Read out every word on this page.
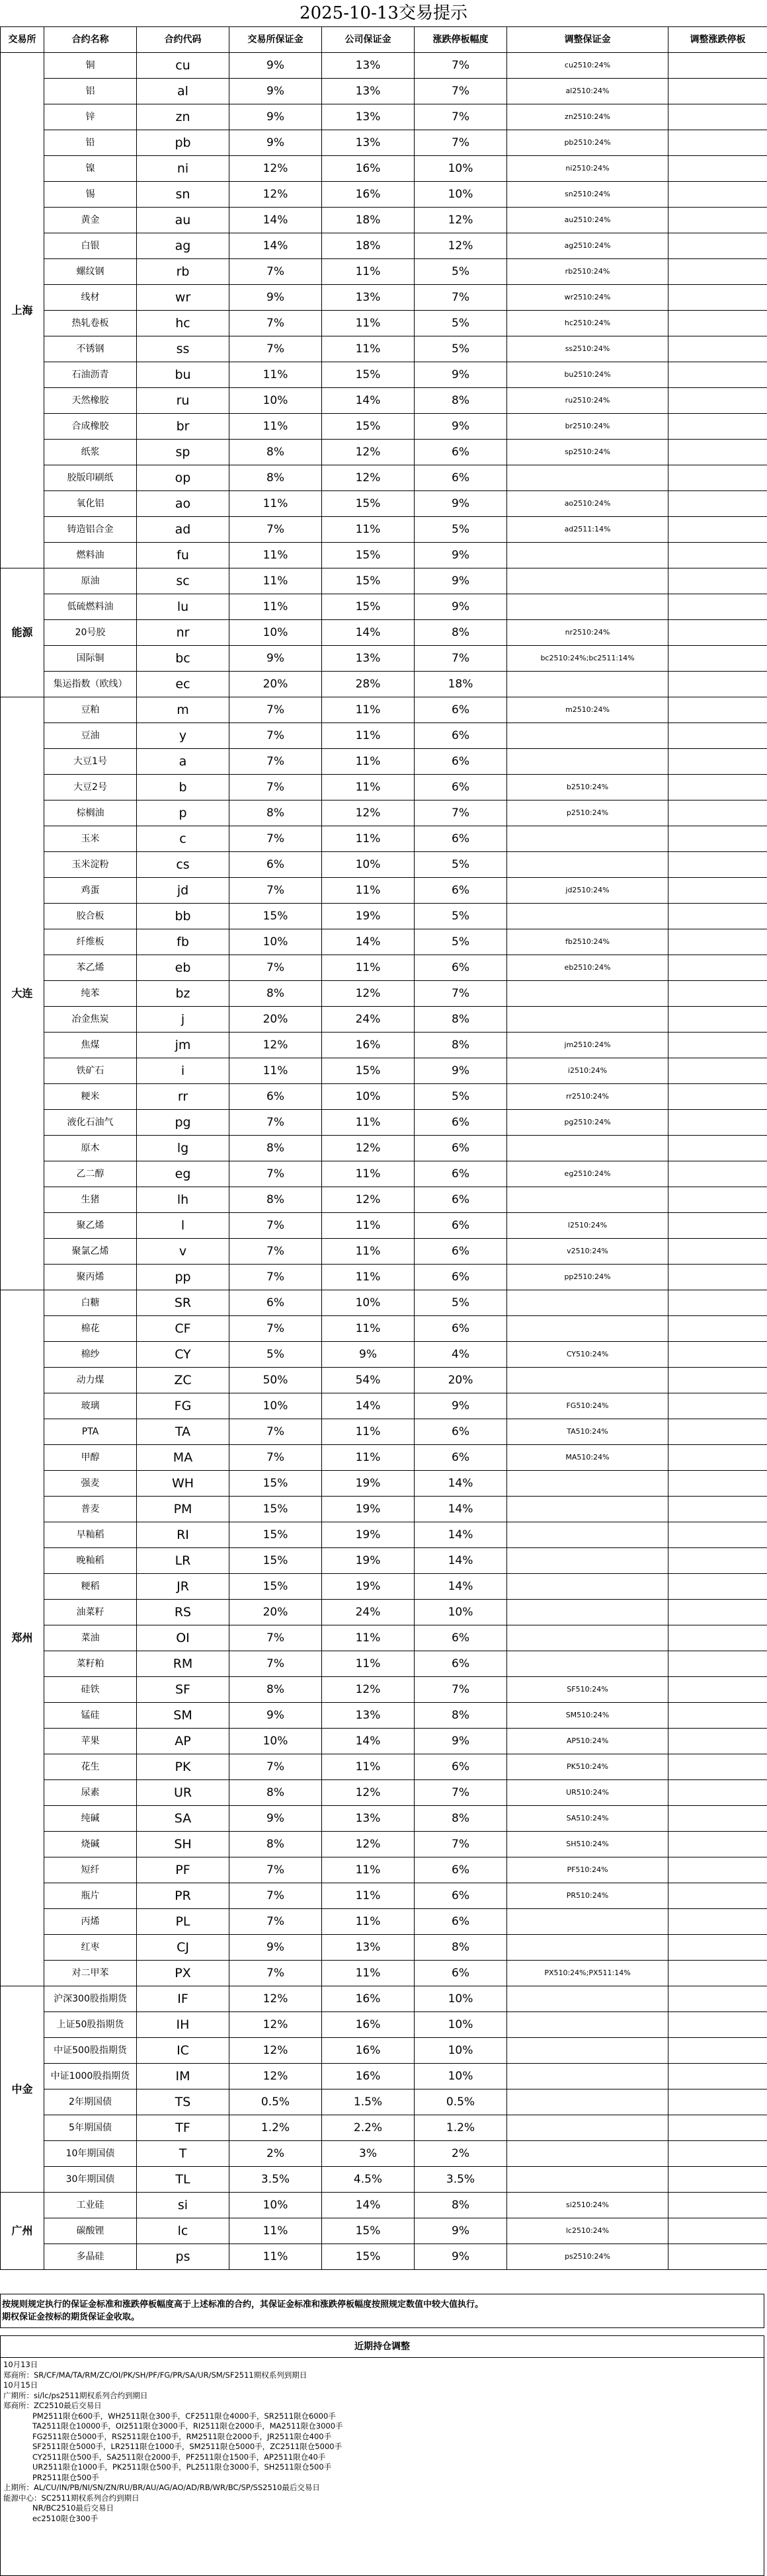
2025-10-13交易提示
交易所	合约名称	合约代码	交易所保证金	公司保证金	涨跌停板幅度	调整保证金	调整涨跌停板
上海	铜	cu	9%	13%	7%	cu2510:24%	
	铝	al	9%	13%	7%	al2510:24%	
	锌	zn	9%	13%	7%	zn2510:24%	
	铅	pb	9%	13%	7%	pb2510:24%	
	镍	ni	12%	16%	10%	ni2510:24%	
	锡	sn	12%	16%	10%	sn2510:24%	
	黄金	au	14%	18%	12%	au2510:24%	
	白银	ag	14%	18%	12%	ag2510:24%	
	螺纹钢	rb	7%	11%	5%	rb2510:24%	
	线材	wr	9%	13%	7%	wr2510:24%	
	热轧卷板	hc	7%	11%	5%	hc2510:24%	
	不锈钢	ss	7%	11%	5%	ss2510:24%	
	石油沥青	bu	11%	15%	9%	bu2510:24%	
	天然橡胶	ru	10%	14%	8%	ru2510:24%	
	合成橡胶	br	11%	15%	9%	br2510:24%	
	纸浆	sp	8%	12%	6%	sp2510:24%	
	胶版印刷纸	op	8%	12%	6%		
	氧化铝	ao	11%	15%	9%	ao2510:24%	
	铸造铝合金	ad	7%	11%	5%	ad2511:14%	
	燃料油	fu	11%	15%	9%		
能源	原油	sc	11%	15%	9%		
	低硫燃料油	lu	11%	15%	9%		
	20号胶	nr	10%	14%	8%	nr2510:24%	
	国际铜	bc	9%	13%	7%	bc2510:24%;bc2511:14%	
	集运指数（欧线）	ec	20%	28%	18%		
大连	豆粕	m	7%	11%	6%	m2510:24%	
	豆油	y	7%	11%	6%		
	大豆1号	a	7%	11%	6%		
	大豆2号	b	7%	11%	6%	b2510:24%	
	棕榈油	p	8%	12%	7%	p2510:24%	
	玉米	c	7%	11%	6%		
	玉米淀粉	cs	6%	10%	5%		
	鸡蛋	jd	7%	11%	6%	jd2510:24%	
	胶合板	bb	15%	19%	5%		
	纤维板	fb	10%	14%	5%	fb2510:24%	
	苯乙烯	eb	7%	11%	6%	eb2510:24%	
	纯苯	bz	8%	12%	7%		
	冶金焦炭	j	20%	24%	8%		
	焦煤	jm	12%	16%	8%	jm2510:24%	
	铁矿石	i	11%	15%	9%	i2510:24%	
	粳米	rr	6%	10%	5%	rr2510:24%	
	液化石油气	pg	7%	11%	6%	pg2510:24%	
	原木	lg	8%	12%	6%		
	乙二醇	eg	7%	11%	6%	eg2510:24%	
	生猪	lh	8%	12%	6%		
	聚乙烯	l	7%	11%	6%	l2510:24%	
	聚氯乙烯	v	7%	11%	6%	v2510:24%	
	聚丙烯	pp	7%	11%	6%	pp2510:24%	
郑州	白糖	SR	6%	10%	5%		
	棉花	CF	7%	11%	6%		
	棉纱	CY	5%	9%	4%	CY510:24%	
	动力煤	ZC	50%	54%	20%		
	玻璃	FG	10%	14%	9%	FG510:24%	
	PTA	TA	7%	11%	6%	TA510:24%	
	甲醇	MA	7%	11%	6%	MA510:24%	
	强麦	WH	15%	19%	14%		
	普麦	PM	15%	19%	14%		
	早籼稻	RI	15%	19%	14%		
	晚籼稻	LR	15%	19%	14%		
	粳稻	JR	15%	19%	14%		
	油菜籽	RS	20%	24%	10%		
	菜油	OI	7%	11%	6%		
	菜籽粕	RM	7%	11%	6%		
	硅铁	SF	8%	12%	7%	SF510:24%	
	锰硅	SM	9%	13%	8%	SM510:24%	
	苹果	AP	10%	14%	9%	AP510:24%	
	花生	PK	7%	11%	6%	PK510:24%	
	尿素	UR	8%	12%	7%	UR510:24%	
	纯碱	SA	9%	13%	8%	SA510:24%	
	烧碱	SH	8%	12%	7%	SH510:24%	
	短纤	PF	7%	11%	6%	PF510:24%	
	瓶片	PR	7%	11%	6%	PR510:24%	
	丙烯	PL	7%	11%	6%		
	红枣	CJ	9%	13%	8%		
	对二甲苯	PX	7%	11%	6%	PX510:24%;PX511:14%	
中金	沪深300股指期货	IF	12%	16%	10%		
	上证50股指期货	IH	12%	16%	10%		
	中证500股指期货	IC	12%	16%	10%		
	中证1000股指期货	IM	12%	16%	10%		
	2年期国债	TS	0.5%	1.5%	0.5%		
	5年期国债	TF	1.2%	2.2%	1.2%		
	10年期国债	T	2%	3%	2%		
	30年期国债	TL	3.5%	4.5%	3.5%		
广州	工业硅	si	10%	14%	8%	si2510:24%	
	碳酸锂	lc	11%	15%	9%	lc2510:24%	
	多晶硅	ps	11%	15%	9%	ps2510:24%	
按规则规定执行的保证金标准和涨跌停板幅度高于上述标准的合约，其保证金标准和涨跌停板幅度按照规定数值中较大值执行。
期权保证金按标的期货保证金收取。
近期持仓调整
10月13日
郑商所：SR/CF/MA/TA/RM/ZC/OI/PK/SH/PF/FG/PR/SA/UR/SM/SF2511期权系列到期日
10月15日
广期所：si/lc/ps2511期权系列合约到期日
郑商所：ZC2510最后交易日
PM2511限仓600手，WH2511限仓300手，CF2511限仓4000手，SR2511限仓6000手
TA2511限仓10000手，OI2511限仓3000手，RI2511限仓2000手，MA2511限仓3000手
FG2511限仓5000手，RS2511限仓100手，RM2511限仓2000手，JR2511限仓400手
SF2511限仓5000手，LR2511限仓1000手，SM2511限仓5000手，ZC2511限仓5000手
CY2511限仓500手，SA2511限仓2000手，PF2511限仓1500手，AP2511限仓40手
UR2511限仓1000手，PK2511限仓500手，PL2511限仓3000手，SH2511限仓500手
PR2511限仓500手
上期所：AL/CU/IN/PB/NI/SN/ZN/RU/BR/AU/AG/AO/AD/RB/WR/BC/SP/SS2510最后交易日
能源中心：SC2511期权系列合约到期日
NR/BC2510最后交易日
ec2510限仓300手
